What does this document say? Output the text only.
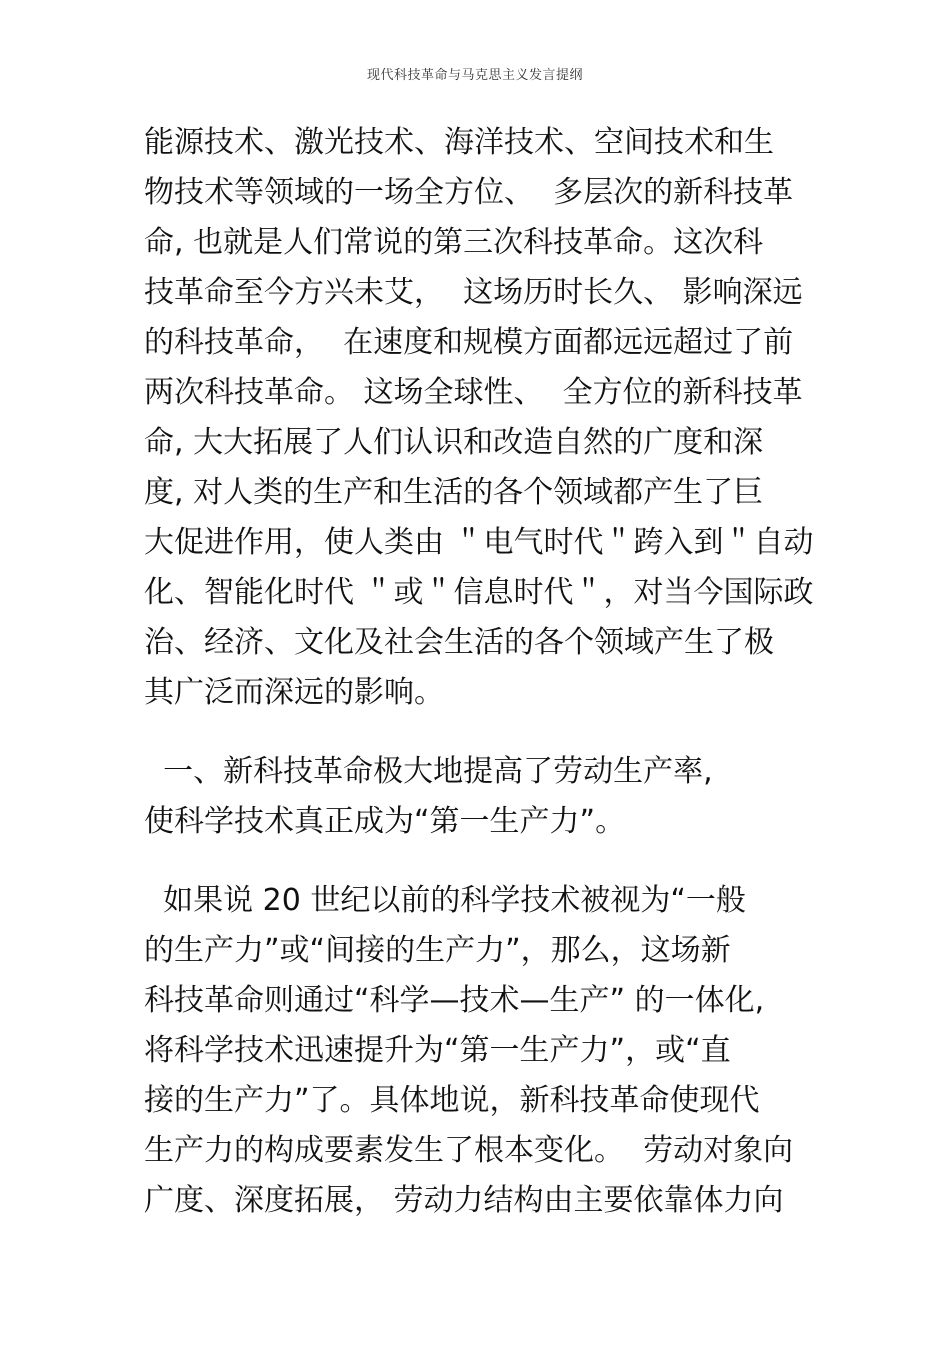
现代科技革命与马克思主义发言提纲
能源技术、激光技术、海洋技术、空间技术和生
物技术等领域的一场全方位、  多层次的新科技革
命, 也就是人们常说的第三次科技革命。这次科
技革命至今方兴未艾，  这场历时长久、 影响深远
的科技革命，  在速度和规模方面都远远超过了前
两次科技革命。 这场全球性、  全方位的新科技革
命, 大大拓展了人们认识和改造自然的广度和深
度, 对人类的生产和生活的各个领域都产生了巨
大促进作用，使人类由 ＂电气时代＂跨入到＂自动
化、智能化时代 ＂或＂信息时代＂，对当今国际政
治、经济、文化及社会生活的各个领域产生了极
其广泛而深远的影响。
一、新科技革命极大地提高了劳动生产率,
使科学技术真正成为“第一生产力”。
如果说 20 世纪以前的科学技术被视为“一般
的生产力”或“间接的生产力”，那么，这场新
科技革命则通过“科学—技术—生产” 的一体化,
将科学技术迅速提升为“第一生产力”，或“直
接的生产力”了。具体地说，新科技革命使现代
生产力的构成要素发生了根本变化。  劳动对象向
广度、深度拓展， 劳动力结构由主要依靠体力向
